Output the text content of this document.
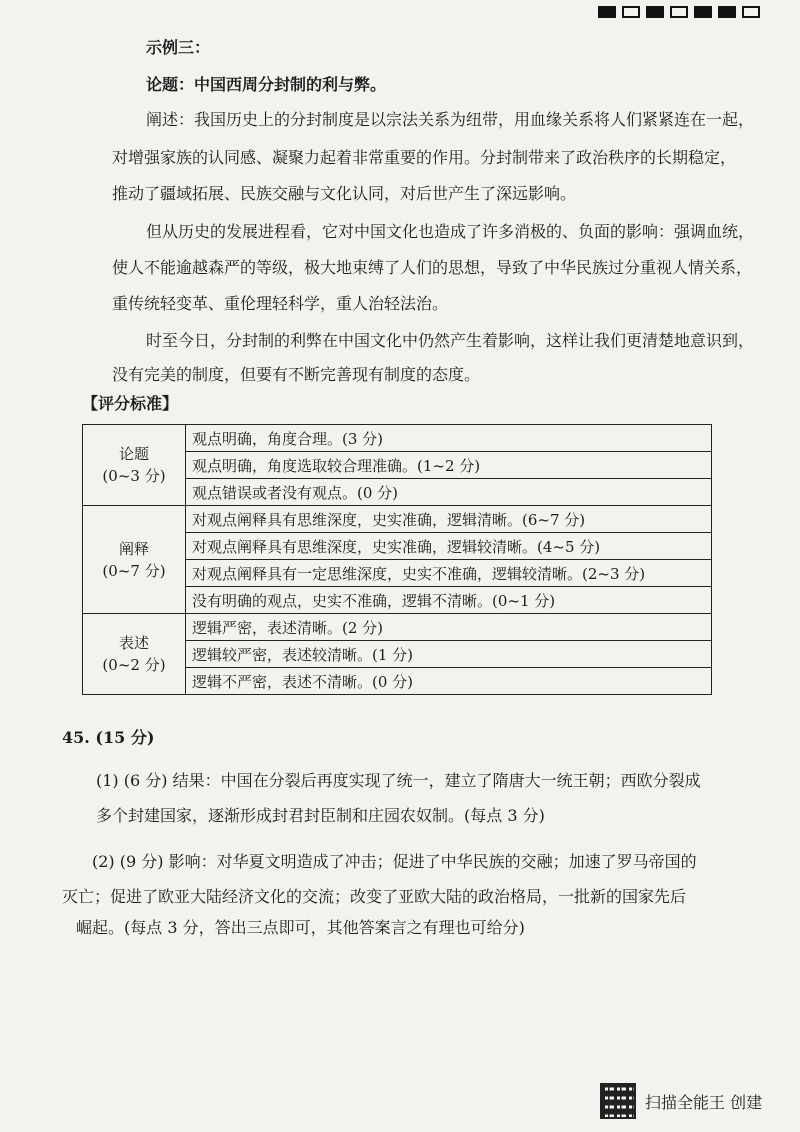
示例三：
论题：中国西周分封制的利与弊。
阐述：我国历史上的分封制度是以宗法关系为纽带，用血缘关系将人们紧紧连在一起，
对增强家族的认同感、凝聚力起着非常重要的作用。分封制带来了政治秩序的长期稳定，
推动了疆域拓展、民族交融与文化认同，对后世产生了深远影响。
但从历史的发展进程看，它对中国文化也造成了许多消极的、负面的影响：强调血统，
使人不能逾越森严的等级，极大地束缚了人们的思想，导致了中华民族过分重视人情关系，
重传统轻变革、重伦理轻科学，重人治轻法治。
时至今日，分封制的利弊在中国文化中仍然产生着影响，这样让我们更清楚地意识到，
没有完美的制度，但要有不断完善现有制度的态度。
【评分标准】
论题
(0~3 分)	观点明确，角度合理。(3 分)
	观点明确，角度选取较合理准确。(1~2 分)
	观点错误或者没有观点。(0 分)

阐释
(0~7 分)	对观点阐释具有思维深度，史实准确，逻辑清晰。(6~7 分)
	对观点阐释具有思维深度，史实准确，逻辑较清晰。(4~5 分)
	对观点阐释具有一定思维深度，史实不准确，逻辑较清晰。(2~3 分)
	没有明确的观点，史实不准确，逻辑不清晰。(0~1 分)

表述
(0~2 分)	逻辑严密，表述清晰。(2 分)
	逻辑较严密，表述较清晰。(1 分)
	逻辑不严密，表述不清晰。(0 分)
45. (15 分)
(1) (6 分) 结果：中国在分裂后再度实现了统一，建立了隋唐大一统王朝；西欧分裂成
多个封建国家，逐渐形成封君封臣制和庄园农奴制。(每点 3 分)
(2) (9 分) 影响：对华夏文明造成了冲击；促进了中华民族的交融；加速了罗马帝国的
灭亡；促进了欧亚大陆经济文化的交流；改变了亚欧大陆的政治格局，一批新的国家先后
崛起。(每点 3 分，答出三点即可，其他答案言之有理也可给分)
扫描全能王 创建
